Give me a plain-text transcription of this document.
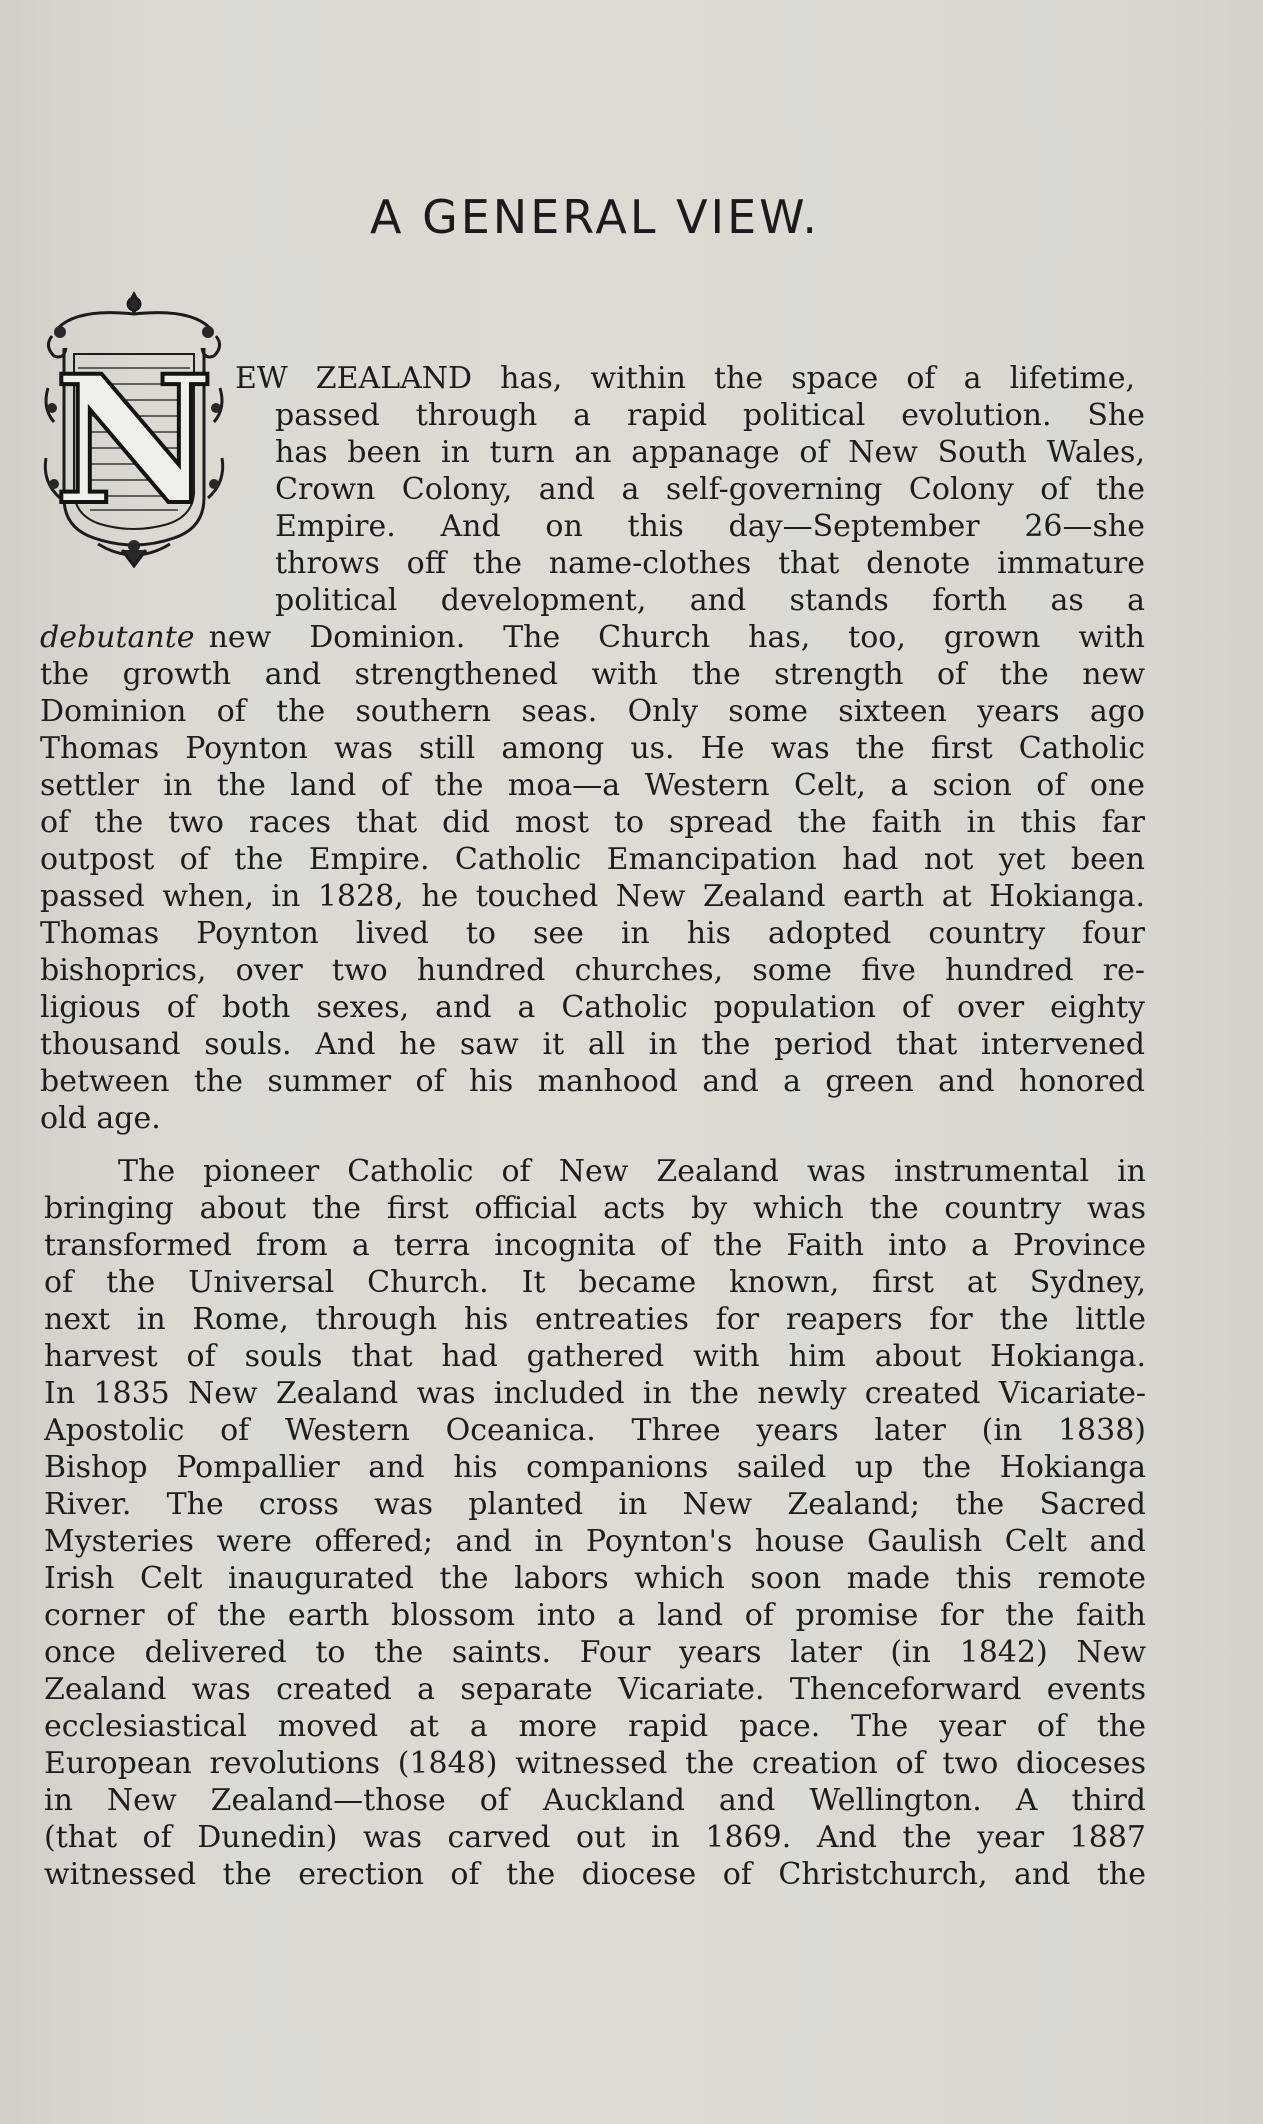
A GENERAL VIEW.
N EW ZEALAND has, within the space of a lifetime,
passed through a rapid political evolution. She
has been in turn an appanage of New South Wales,
Crown Colony, and a self-governing Colony of the
Empire. And on this day—September 26—she
throws off the name-clothes that denote immature
political development, and stands forth as a
debutante new Dominion. The Church has, too, grown with
the growth and strengthened with the strength of the new
Dominion of the southern seas. Only some sixteen years ago
Thomas Poynton was still among us. He was the first Catholic
settler in the land of the moa—a Western Celt, a scion of one
of the two races that did most to spread the faith in this far
outpost of the Empire. Catholic Emancipation had not yet been
passed when, in 1828, he touched New Zealand earth at Hokianga.
Thomas Poynton lived to see in his adopted country four
bishoprics, over two hundred churches, some five hundred re-
ligious of both sexes, and a Catholic population of over eighty
thousand souls. And he saw it all in the period that intervened
between the summer of his manhood and a green and honored
old age.
The pioneer Catholic of New Zealand was instrumental in
bringing about the first official acts by which the country was
transformed from a terra incognita of the Faith into a Province
of the Universal Church. It became known, first at Sydney,
next in Rome, through his entreaties for reapers for the little
harvest of souls that had gathered with him about Hokianga.
In 1835 New Zealand was included in the newly created Vicariate-
Apostolic of Western Oceanica. Three years later (in 1838)
Bishop Pompallier and his companions sailed up the Hokianga
River. The cross was planted in New Zealand; the Sacred
Mysteries were offered; and in Poynton's house Gaulish Celt and
Irish Celt inaugurated the labors which soon made this remote
corner of the earth blossom into a land of promise for the faith
once delivered to the saints. Four years later (in 1842) New
Zealand was created a separate Vicariate. Thenceforward events
ecclesiastical moved at a more rapid pace. The year of the
European revolutions (1848) witnessed the creation of two dioceses
in New Zealand—those of Auckland and Wellington. A third
(that of Dunedin) was carved out in 1869. And the year 1887
witnessed the erection of the diocese of Christchurch, and the
